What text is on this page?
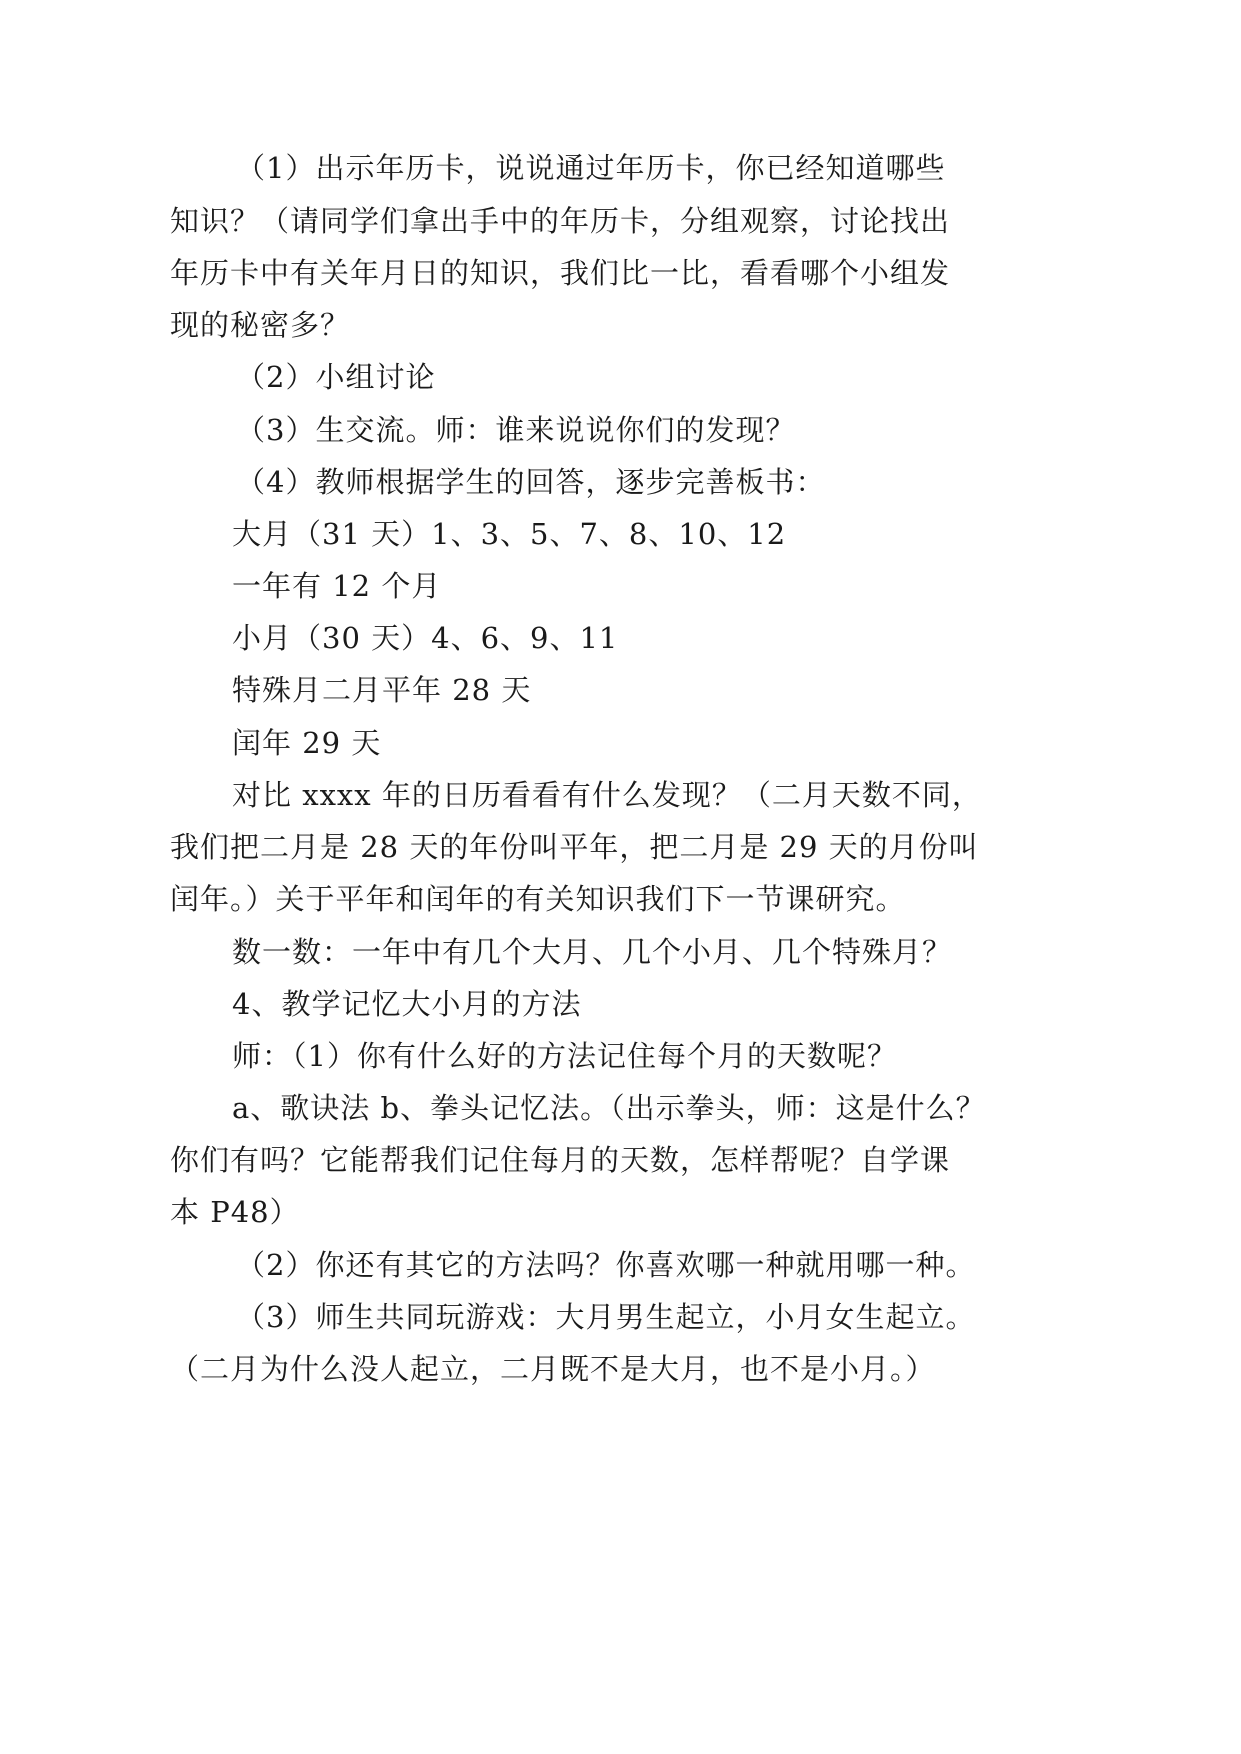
（1）出示年历卡，说说通过年历卡，你已经知道哪些
知识？（请同学们拿出手中的年历卡，分组观察，讨论找出
年历卡中有关年月日的知识，我们比一比，看看哪个小组发
现的秘密多？
（2）小组讨论
（3）生交流。师：谁来说说你们的发现？
（4）教师根据学生的回答，逐步完善板书：
大月（31 天）1、3、5、7、8、10、12
一年有 12 个月
小月（30 天）4、6、9、11
特殊月二月平年 28 天
闰年 29 天
对比 xxxx 年的日历看看有什么发现？（二月天数不同，
我们把二月是 28 天的年份叫平年，把二月是 29 天的月份叫
闰年。）关于平年和闰年的有关知识我们下一节课研究。
数一数：一年中有几个大月、几个小月、几个特殊月？
4、教学记忆大小月的方法
师：（1）你有什么好的方法记住每个月的天数呢？
a、歌诀法 b、拳头记忆法。（出示拳头，师：这是什么？
你们有吗？它能帮我们记住每月的天数，怎样帮呢？自学课
本 P48）
（2）你还有其它的方法吗？你喜欢哪一种就用哪一种。
（3）师生共同玩游戏：大月男生起立，小月女生起立。
（二月为什么没人起立，二月既不是大月，也不是小月。）
